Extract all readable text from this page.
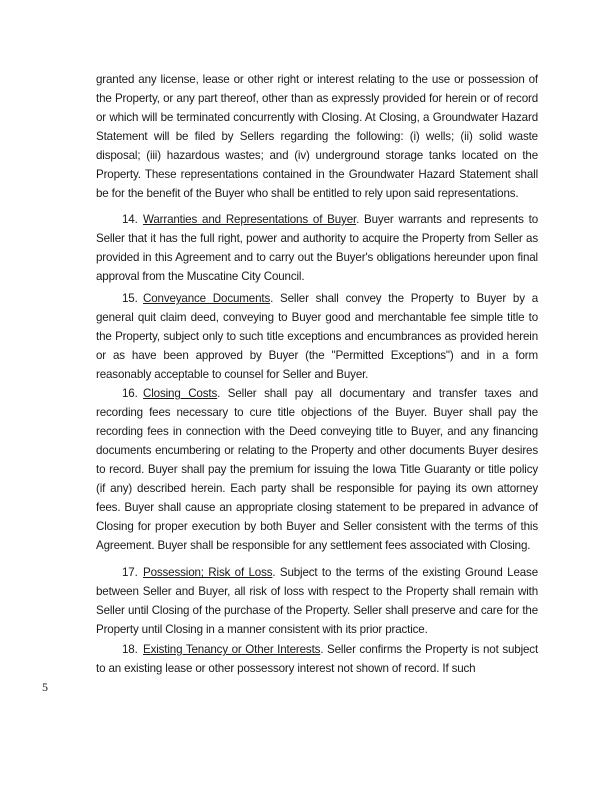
granted any license, lease or other right or interest relating to the use or possession of the Property, or any part thereof, other than as expressly provided for herein or of record or which will be terminated concurrently with Closing. At Closing, a Groundwater Hazard Statement will be filed by Sellers regarding the following: (i) wells; (ii) solid waste disposal; (iii) hazardous wastes; and (iv) underground storage tanks located on the Property. These representations contained in the Groundwater Hazard Statement shall be for the benefit of the Buyer who shall be entitled to rely upon said representations.

14. Warranties and Representations of Buyer. Buyer warrants and represents to Seller that it has the full right, power and authority to acquire the Property from Seller as provided in this Agreement and to carry out the Buyer's obligations hereunder upon final approval from the Muscatine City Council.

15. Conveyance Documents. Seller shall convey the Property to Buyer by a general quit claim deed, conveying to Buyer good and merchantable fee simple title to the Property, subject only to such title exceptions and encumbrances as provided herein or as have been approved by Buyer (the "Permitted Exceptions") and in a form reasonably acceptable to counsel for Seller and Buyer.

16. Closing Costs. Seller shall pay all documentary and transfer taxes and recording fees necessary to cure title objections of the Buyer. Buyer shall pay the recording fees in connection with the Deed conveying title to Buyer, and any financing documents encumbering or relating to the Property and other documents Buyer desires to record. Buyer shall pay the premium for issuing the Iowa Title Guaranty or title policy (if any) described herein. Each party shall be responsible for paying its own attorney fees. Buyer shall cause an appropriate closing statement to be prepared in advance of Closing for proper execution by both Buyer and Seller consistent with the terms of this Agreement. Buyer shall be responsible for any settlement fees associated with Closing.

17. Possession; Risk of Loss. Subject to the terms of the existing Ground Lease between Seller and Buyer, all risk of loss with respect to the Property shall remain with Seller until Closing of the purchase of the Property. Seller shall preserve and care for the Property until Closing in a manner consistent with its prior practice.

18. Existing Tenancy or Other Interests. Seller confirms the Property is not subject to an existing lease or other possessory interest not shown of record. If such

5
